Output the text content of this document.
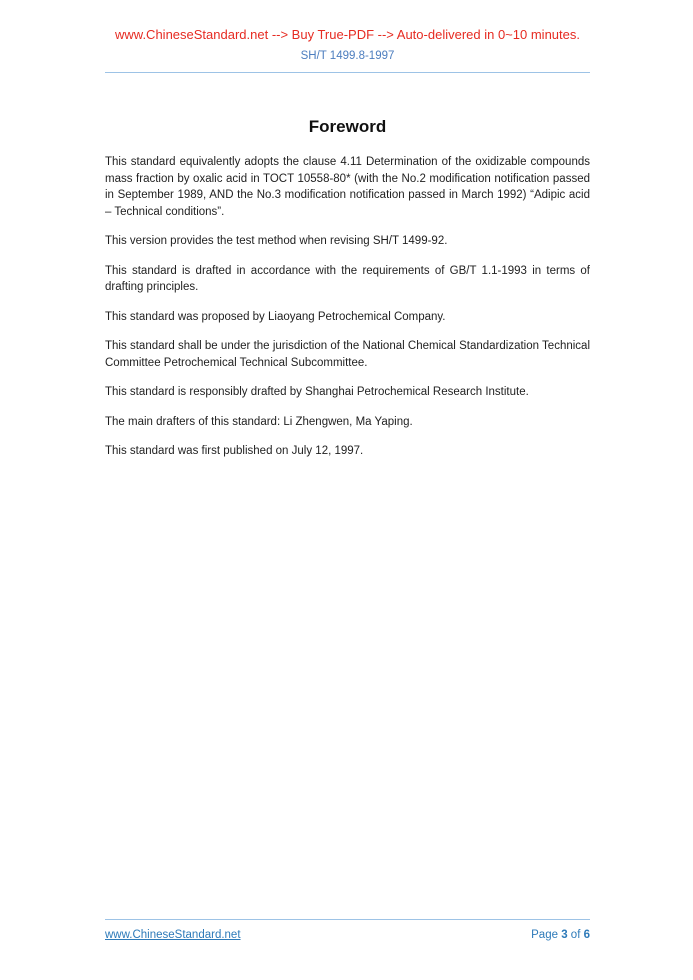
www.ChineseStandard.net --> Buy True-PDF --> Auto-delivered in 0~10 minutes.
SH/T 1499.8-1997
Foreword

This standard equivalently adopts the clause 4.11 Determination of the oxidizable compounds mass fraction by oxalic acid in TOCT 10558-80* (with the No.2 modification notification passed in September 1989, AND the No.3 modification notification passed in March 1992) “Adipic acid – Technical conditions”.

This version provides the test method when revising SH/T 1499-92.

This standard is drafted in accordance with the requirements of GB/T 1.1-1993 in terms of drafting principles.

This standard was proposed by Liaoyang Petrochemical Company.

This standard shall be under the jurisdiction of the National Chemical Standardization Technical Committee Petrochemical Technical Subcommittee.

This standard is responsibly drafted by Shanghai Petrochemical Research Institute.

The main drafters of this standard: Li Zhengwen, Ma Yaping.

This standard was first published on July 12, 1997.

www.ChineseStandard.net	Page 3 of 6
